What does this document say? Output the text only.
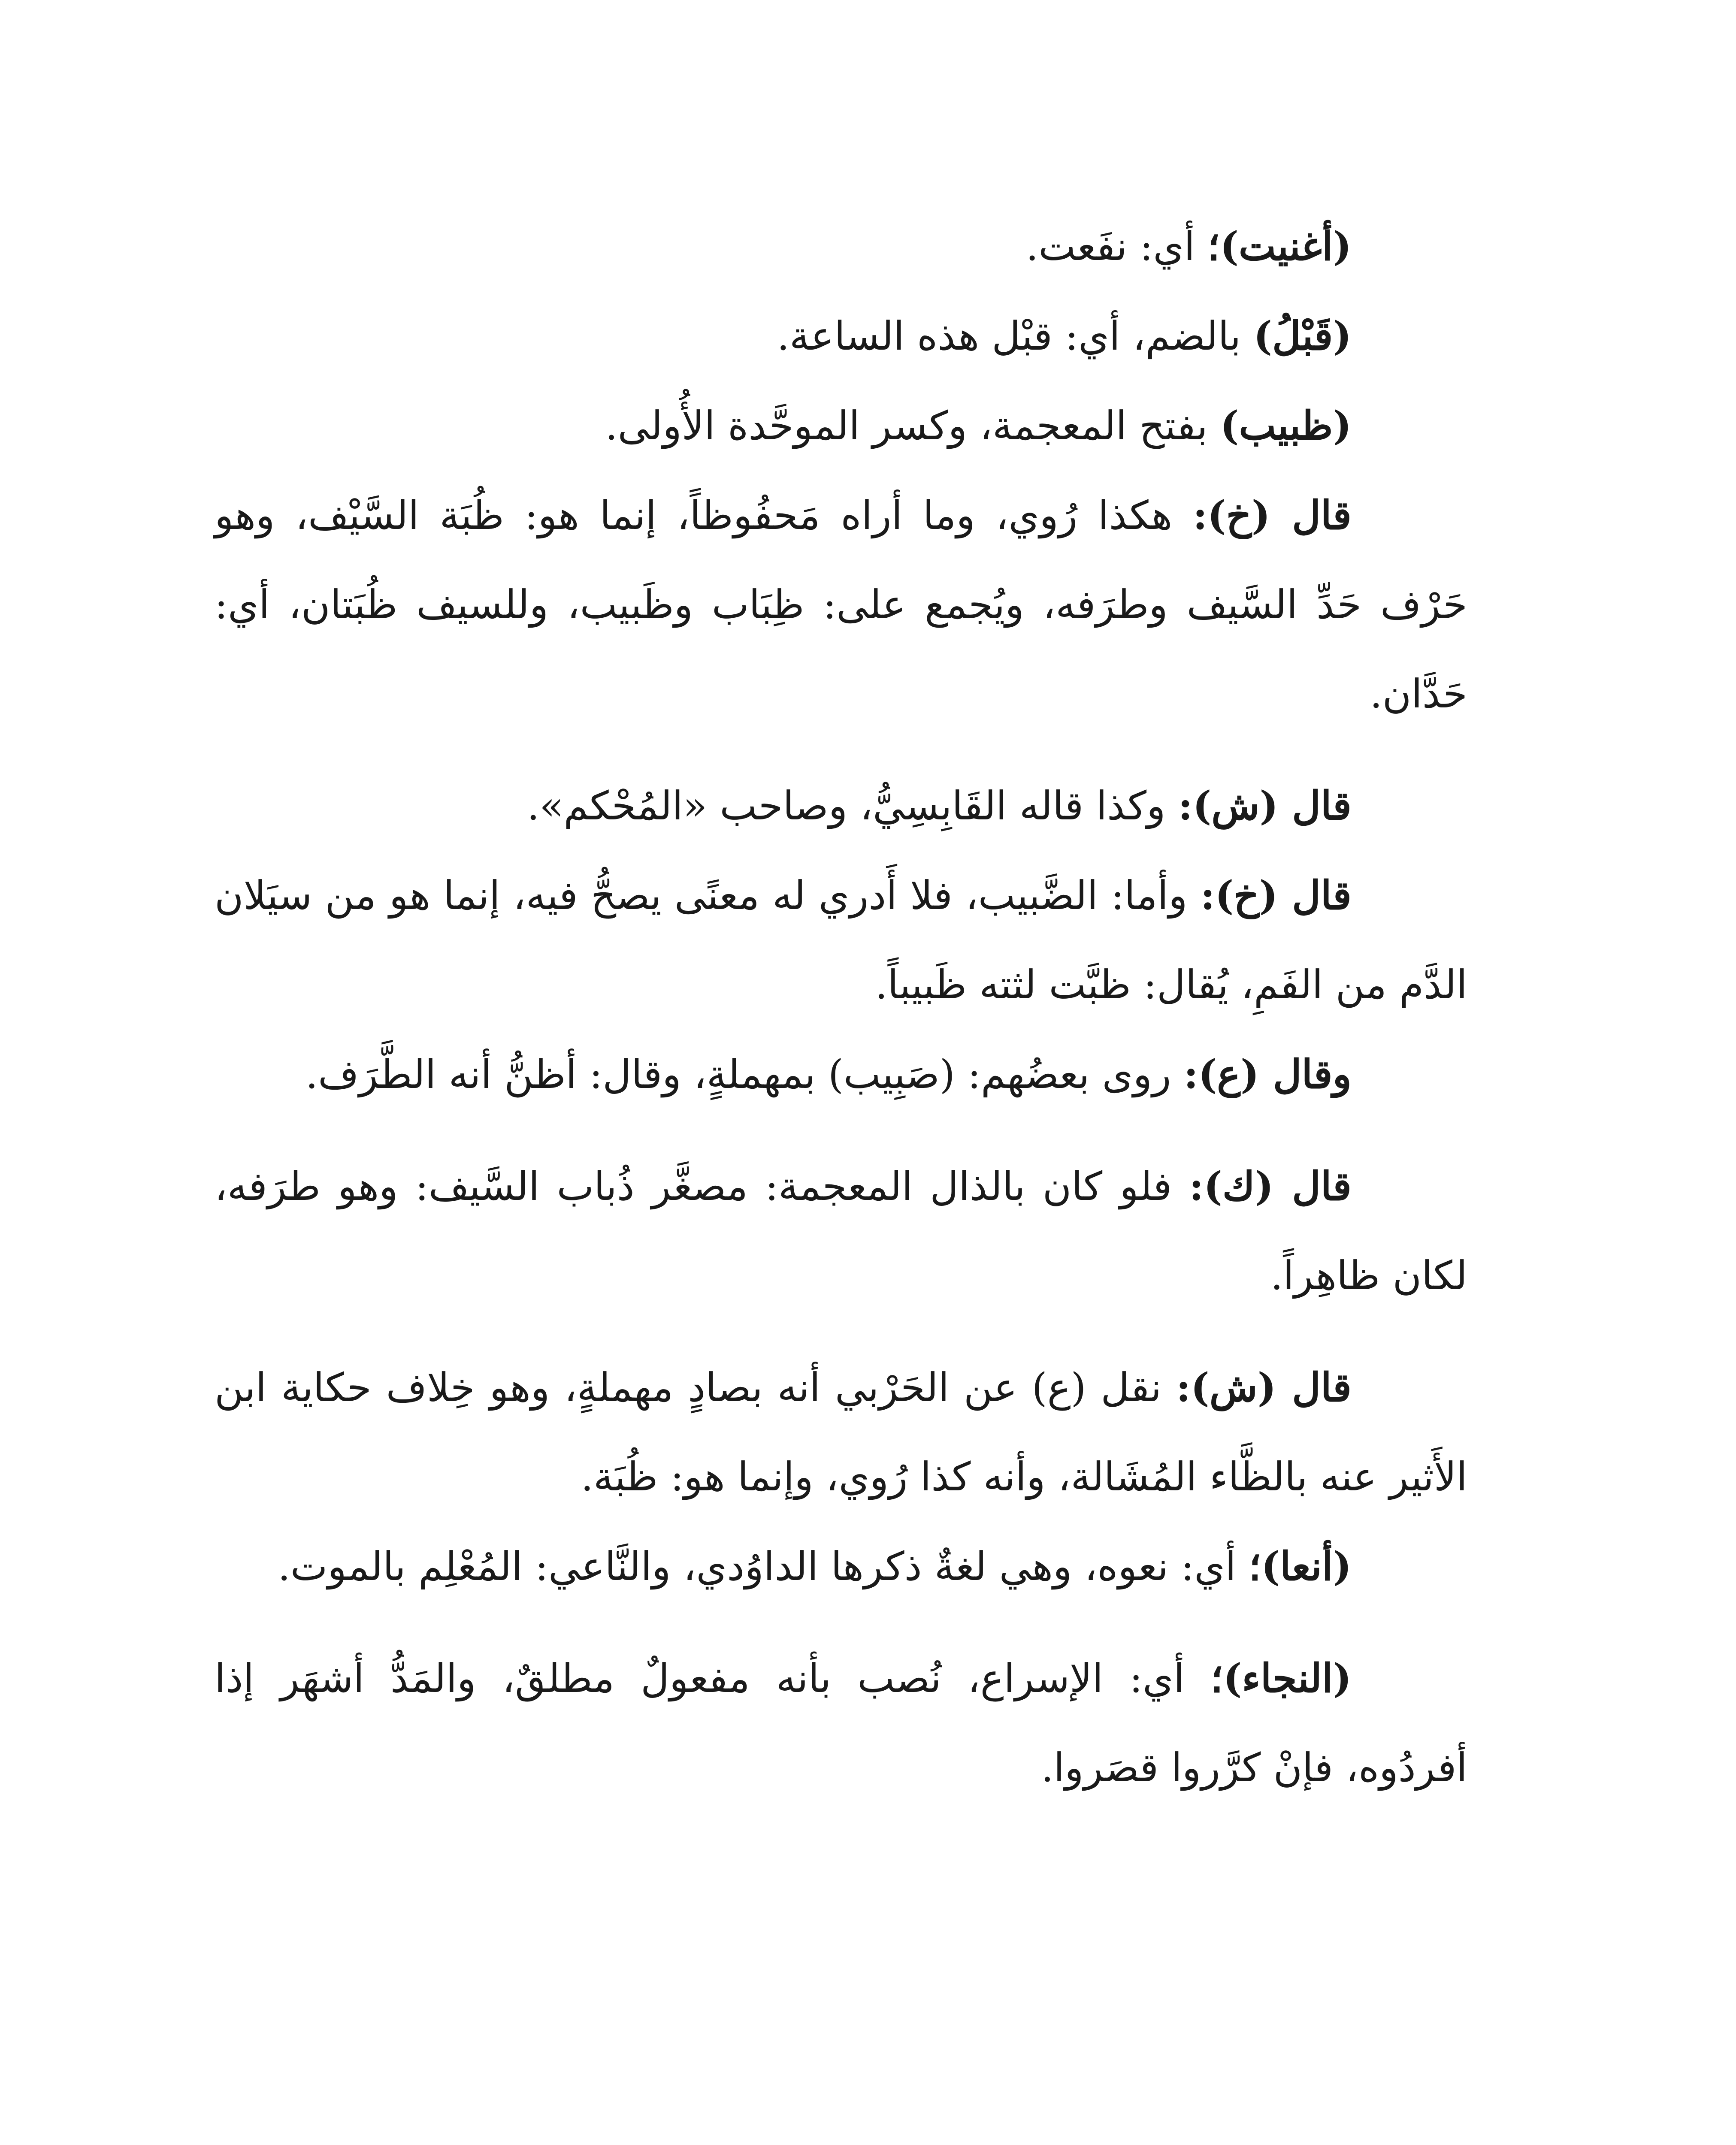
(أغنيت)؛ أي: نفَعت.

(قَبْلُ) بالضم، أي: قبْل هذه الساعة.

(ظبيب) بفتح المعجمة، وكسر الموحَّدة الأُولى.

قال (خ): هكذا رُوي، وما أراه مَحفُوظاً، إنما هو: ظُبَة السَّيْف، وهو حَرْف حَدِّ السَّيف وطرَفه، ويُجمع على: ظِبَاب وظَبيب، وللسيف ظُبَتان، أي: حَدَّان.

قال (ش): وكذا قاله القَابِسِيُّ، وصاحب «المُحْكم».

قال (خ): وأما: الضَّبيب، فلا أَدري له معنًى يصحُّ فيه، إنما هو من سيَلان الدَّم من الفَمِ، يُقال: ظبَّت لثته ظَبيباً.

وقال (ع): روى بعضُهم: (صَبِيب) بمهملةٍ، وقال: أظنُّ أنه الطَّرَف.

قال (ك): فلو كان بالذال المعجمة: مصغَّر ذُباب السَّيف: وهو طرَفه، لكان ظاهِراً.

قال (ش): نقل (ع) عن الحَرْبي أنه بصادٍ مهملةٍ، وهو خِلاف حكاية ابن الأَثير عنه بالظَّاء المُشَالة، وأنه كذا رُوي، وإنما هو: ظُبَة.

(أنعا)؛ أي: نعوه، وهي لغةٌ ذكرها الداوُدي، والنَّاعي: المُعْلِم بالموت.

(النجاء)؛ أي: الإسراع، نُصب بأنه مفعولٌ مطلقٌ، والمَدُّ أشهَر إذا أفردُوه، فإنْ كرَّروا قصَروا.
